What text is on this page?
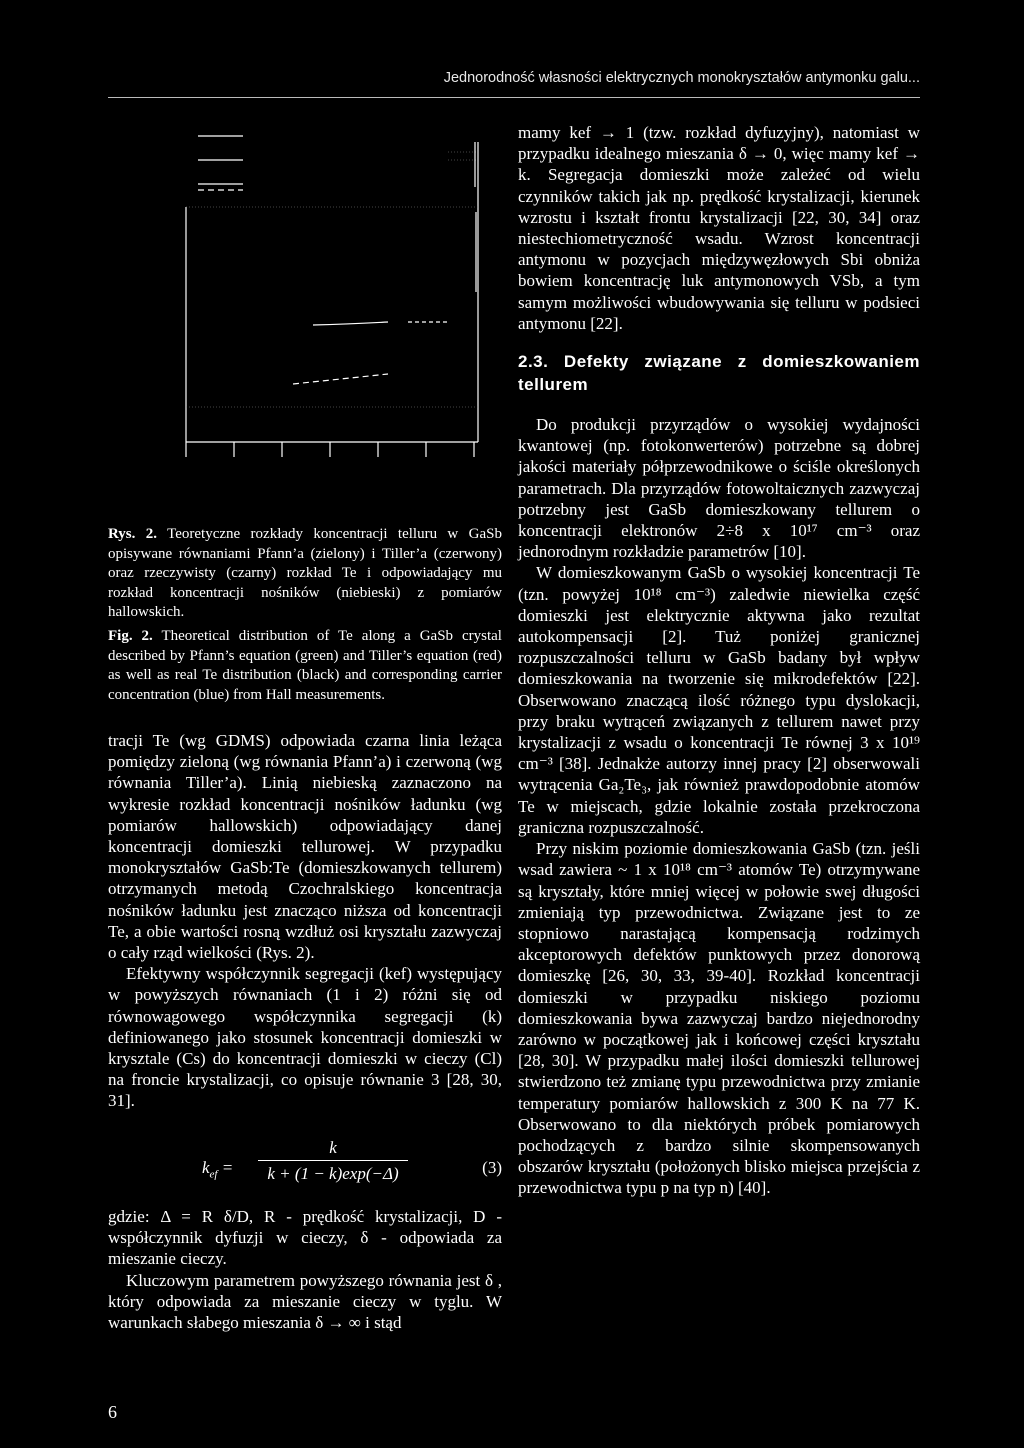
Jednorodność własności elektrycznych monokryształów antymonku galu...

Rys. 2. Teoretyczne rozkłady koncentracji telluru w GaSb opisywane równaniami Pfann’a (zielony) i Tiller’a (czerwony) oraz rzeczywisty (czarny) rozkład Te i odpowiadający mu rozkład koncentracji nośników (niebieski) z pomiarów hallowskich.

Fig. 2. Theoretical distribution of Te along a GaSb crystal described by Pfann’s equation (green) and Tiller’s equation (red) as well as real Te distribution (black) and corresponding carrier concentration (blue) from Hall measurements.

tracji Te (wg GDMS) odpowiada czarna linia leżąca pomiędzy zieloną (wg równania Pfann’a) i czerwoną (wg równania Tiller’a). Linią niebieską zaznaczono na wykresie rozkład koncentracji nośników ładunku (wg pomiarów hallowskich) odpowiadający danej koncentracji domieszki tellurowej. W przypadku monokryształów GaSb:Te (domieszkowanych tellurem) otrzymanych metodą Czochralskiego koncentracja nośników ładunku jest znacząco niższa od koncentracji Te, a obie wartości rosną wzdłuż osi kryształu zazwyczaj o cały rząd wielkości (Rys. 2).

Efektywny współczynnik segregacji (kef) występujący w powyższych równaniach (1 i 2) różni się od równowagowego współczynnika segregacji (k) definiowanego jako stosunek koncentracji domieszki w krysztale (Cs) do koncentracji domieszki w cieczy (Cl) na froncie krystalizacji, co opisuje równanie 3 [28, 30, 31].

$k_{ef}$ =
k
k + (1 − k)exp(−Δ)	(3)

gdzie: Δ = R δ/D, R - prędkość krystalizacji, D - współczynnik dyfuzji w cieczy, δ - odpowiada za mieszanie cieczy.

Kluczowym parametrem powyższego równania jest δ , który odpowiada za mieszanie cieczy w tyglu. W warunkach słabego mieszania δ → ∞ i stąd

6

mamy kef → 1 (tzw. rozkład dyfuzyjny), natomiast w przypadku idealnego mieszania δ → 0, więc mamy kef → k. Segregacja domieszki może zależeć od wielu czynników takich jak np. prędkość krystalizacji, kierunek wzrostu i kształt frontu krystalizacji [22, 30, 34] oraz niestechiometryczność wsadu. Wzrost koncentracji antymonu w pozycjach międzywęzłowych Sbi obniża bowiem koncentrację luk antymonowych VSb, a tym samym możliwości wbudowywania się telluru w podsieci antymonu [22].

2.3. Defekty związane z domieszkowaniem tellurem

Do produkcji przyrządów o wysokiej wydajności kwantowej (np. fotokonwerterów) potrzebne są dobrej jakości materiały półprzewodnikowe o ściśle określonych parametrach. Dla przyrządów fotowoltaicznych zazwyczaj potrzebny jest GaSb domieszkowany tellurem o koncentracji elektronów 2÷8 x 10¹⁷ cm⁻³ oraz jednorodnym rozkładzie parametrów [10].

W domieszkowanym GaSb o wysokiej koncentracji Te (tzn. powyżej 10¹⁸ cm⁻³) zaledwie niewielka część domieszki jest elektrycznie aktywna jako rezultat autokompensacji [2]. Tuż poniżej granicznej rozpuszczalności telluru w GaSb badany był wpływ domieszkowania na tworzenie się mikrodefektów [22]. Obserwowano znaczącą ilość różnego typu dyslokacji, przy braku wytrąceń związanych z tellurem nawet przy krystalizacji z wsadu o koncentracji Te równej 3 x 10¹⁹ cm⁻³ [38]. Jednakże autorzy innej pracy [2] obserwowali wytrącenia Ga₂Te₃, jak również prawdopodobnie atomów Te w miejscach, gdzie lokalnie została przekroczona graniczna rozpuszczalność.

Przy niskim poziomie domieszkowania GaSb (tzn. jeśli wsad zawiera ~ 1 x 10¹⁸ cm⁻³ atomów Te) otrzymywane są kryształy, które mniej więcej w połowie swej długości zmieniają typ przewodnictwa. Związane jest to ze stopniowo narastającą kompensacją rodzimych akceptorowych defektów punktowych przez donorową domieszkę [26, 30, 33, 39-40]. Rozkład koncentracji domieszki w przypadku niskiego poziomu domieszkowania bywa zazwyczaj bardzo niejednorodny zarówno w początkowej jak i końcowej części kryształu [28, 30]. W przypadku małej ilości domieszki tellurowej stwierdzono też zmianę typu przewodnictwa przy zmianie temperatury pomiarów hallowskich z 300 K na 77 K. Obserwowano to dla niektórych próbek pomiarowych pochodzących z bardzo silnie skompensowanych obszarów kryształu (położonych blisko miejsca przejścia z przewodnictwa typu p na typ n) [40].
